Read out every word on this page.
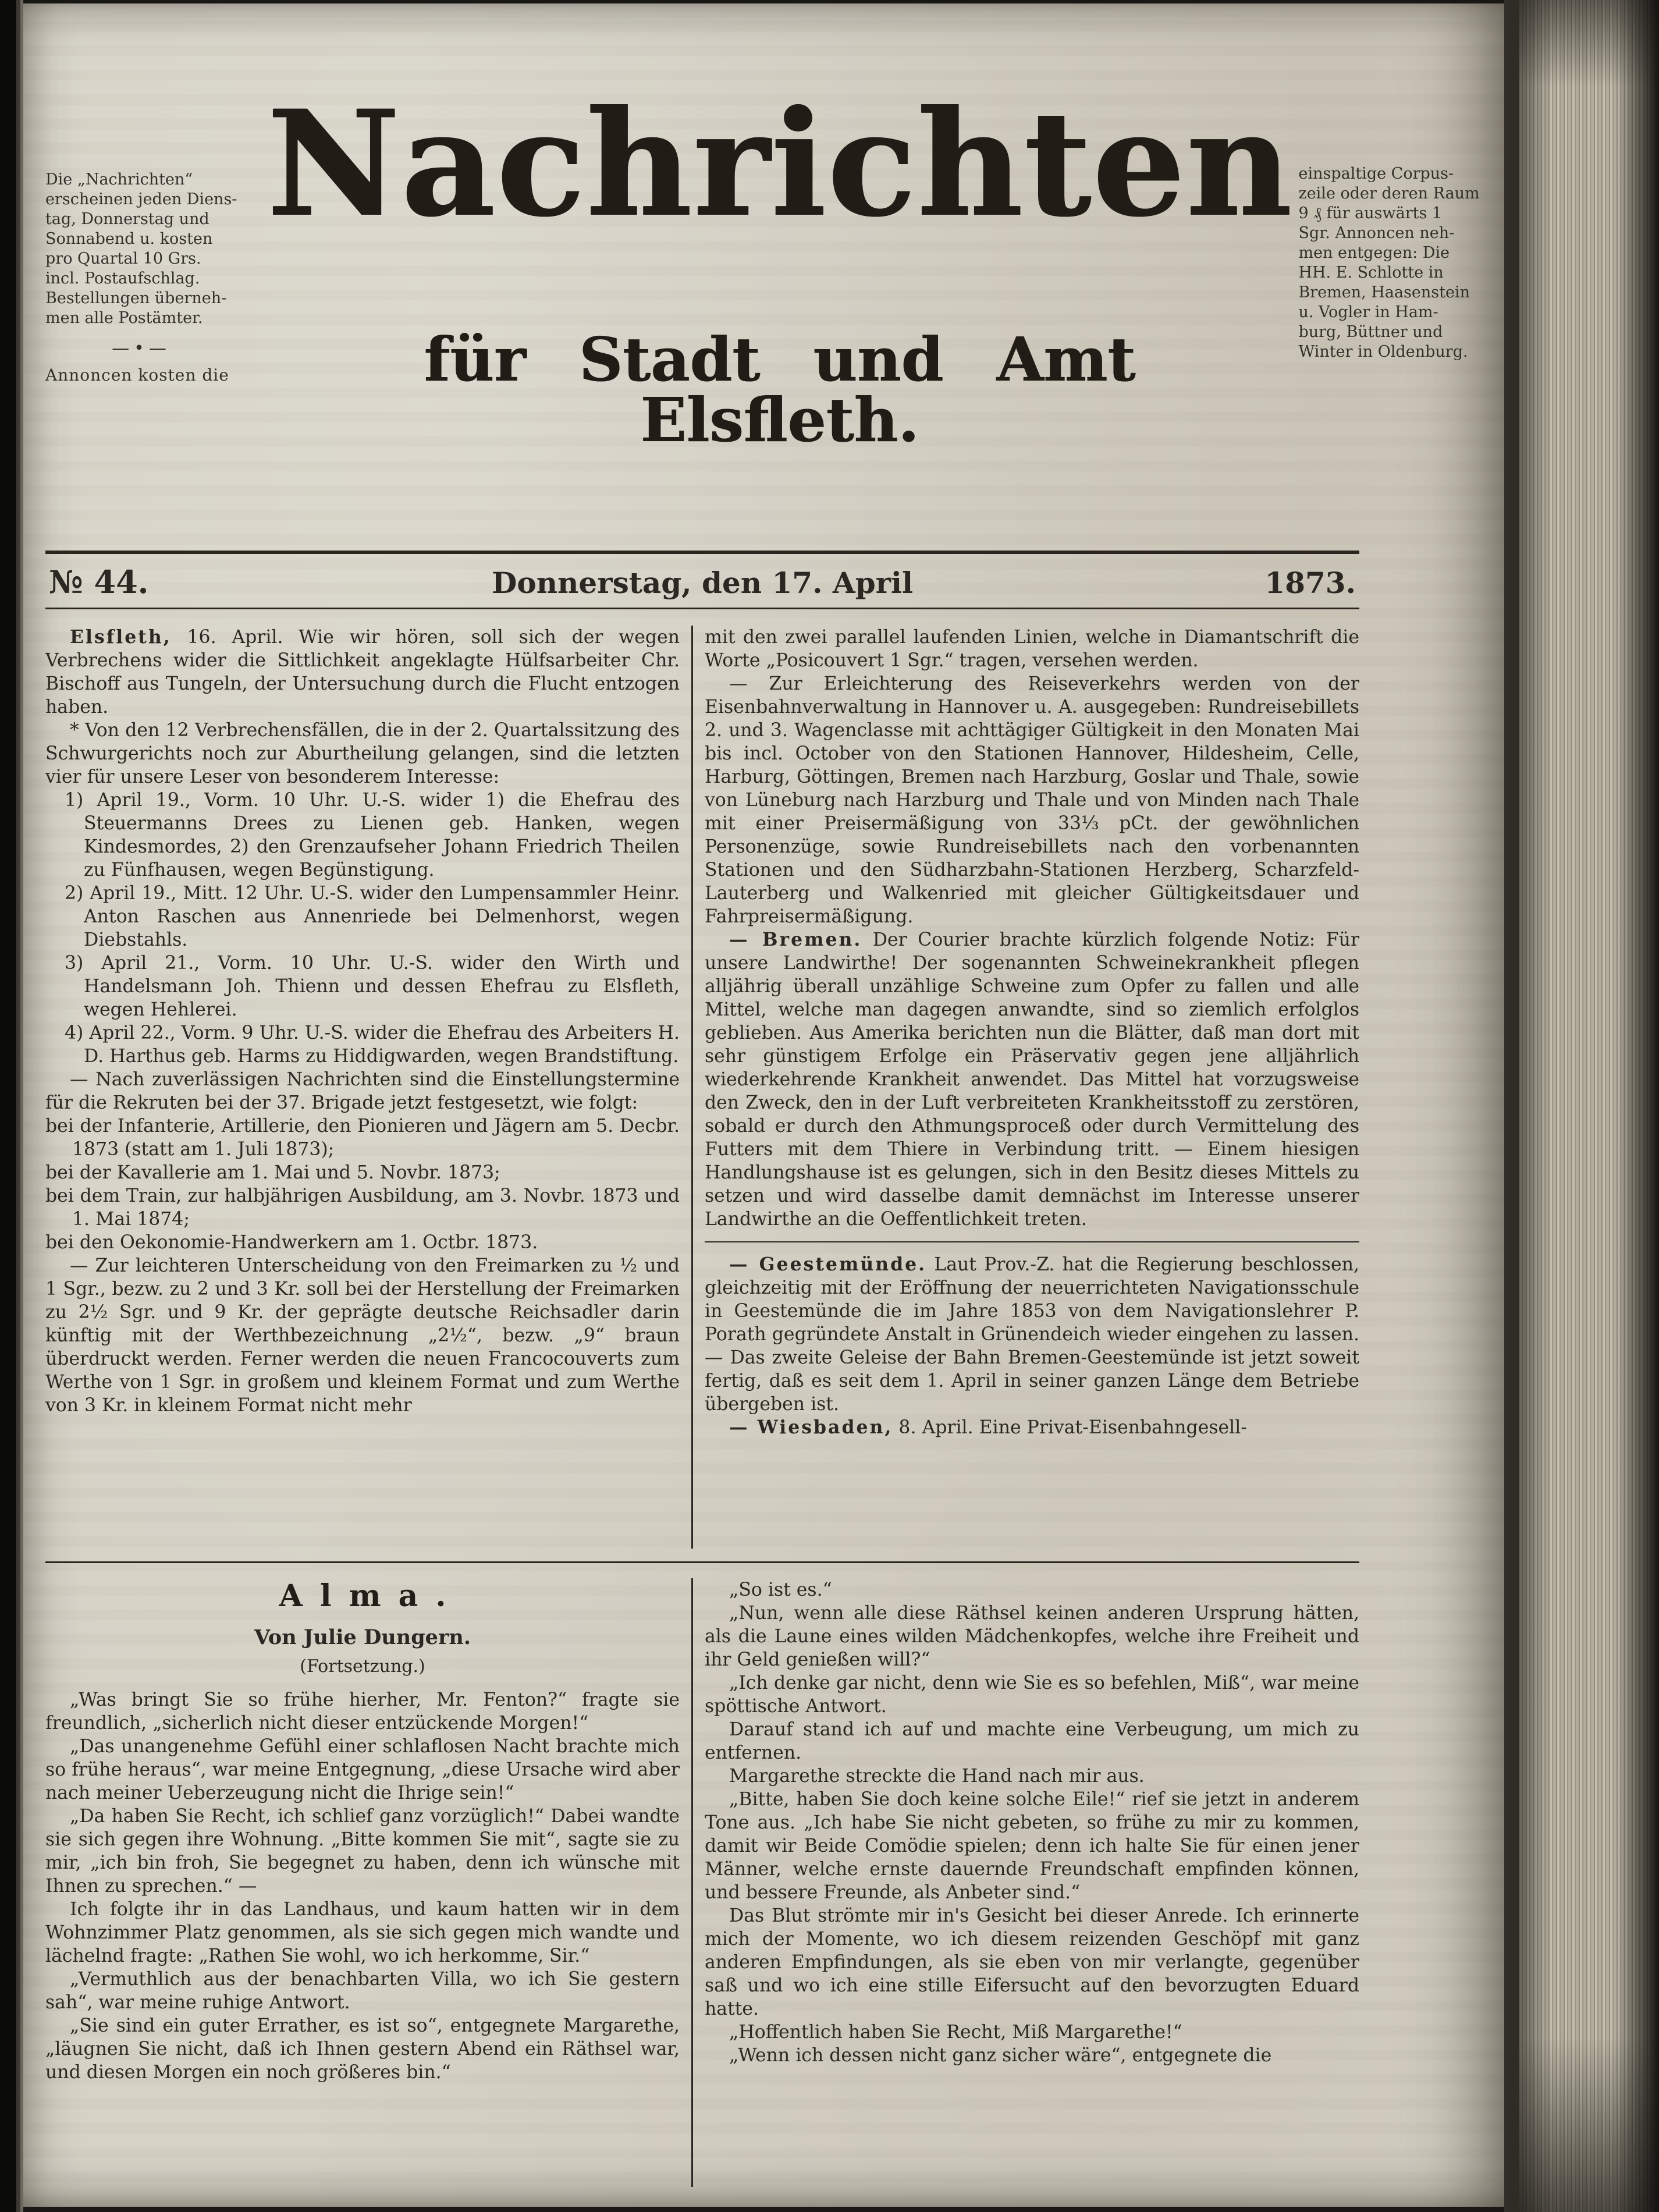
Die „Nachrichten“
erscheinen jeden Diens-
tag, Donnerstag und
Sonnabend u. kosten
pro Quartal 10 Grs.
incl. Postaufschlag.
Bestellungen überneh-
men alle Postämter.
—•—
Annoncen kosten die
Nachrichten
für Stadt und Amt Elsfleth.
einspaltige Corpus-
zeile oder deren Raum
9 ₰ für auswärts 1
Sgr. Annoncen neh-
men entgegen: Die
HH. E. Schlotte in
Bremen, Haasenstein
u. Vogler in Ham-
burg, Büttner und
Winter in Oldenburg.
№ 44.	Donnerstag, den 17. April	1873.

Elsfleth, 16. April. Wie wir hören, soll sich der wegen Verbrechens wider die Sittlichkeit angeklagte Hülfsarbeiter Chr. Bischoff aus Tungeln, der Untersuchung durch die Flucht entzogen haben.

* Von den 12 Verbrechensfällen, die in der 2. Quartalssitzung des Schwurgerichts noch zur Aburtheilung gelangen, sind die letzten vier für unsere Leser von besonderem Interesse:

1) April 19., Vorm. 10 Uhr. U.-S. wider 1) die Ehefrau des Steuermanns Drees zu Lienen geb. Hanken, wegen Kindesmordes, 2) den Grenzaufseher Johann Friedrich Theilen zu Fünfhausen, wegen Begünstigung.

2) April 19., Mitt. 12 Uhr. U.-S. wider den Lumpensammler Heinr. Anton Raschen aus Annenriede bei Delmenhorst, wegen Diebstahls.

3) April 21., Vorm. 10 Uhr. U.-S. wider den Wirth und Handelsmann Joh. Thienn und dessen Ehefrau zu Elsfleth, wegen Hehlerei.

4) April 22., Vorm. 9 Uhr. U.-S. wider die Ehefrau des Arbeiters H. D. Harthus geb. Harms zu Hiddigwarden, wegen Brandstiftung.

— Nach zuverlässigen Nachrichten sind die Einstellungstermine für die Rekruten bei der 37. Brigade jetzt festgesetzt, wie folgt:

bei der Infanterie, Artillerie, den Pionieren und Jägern am 5. Decbr. 1873 (statt am 1. Juli 1873);

bei der Kavallerie am 1. Mai und 5. Novbr. 1873;

bei dem Train, zur halbjährigen Ausbildung, am 3. Novbr. 1873 und 1. Mai 1874;

bei den Oekonomie-Handwerkern am 1. Octbr. 1873.

— Zur leichteren Unterscheidung von den Freimarken zu ½ und 1 Sgr., bezw. zu 2 und 3 Kr. soll bei der Herstellung der Freimarken zu 2½ Sgr. und 9 Kr. der geprägte deutsche Reichsadler darin künftig mit der Werthbezeichnung „2½“, bezw. „9“ braun überdruckt werden. Ferner werden die neuen Francocouverts zum Werthe von 1 Sgr. in großem und kleinem Format und zum Werthe von 3 Kr. in kleinem Format nicht mehr

mit den zwei parallel laufenden Linien, welche in Diamantschrift die Worte „Posicouvert 1 Sgr.“ tragen, versehen werden.

— Zur Erleichterung des Reiseverkehrs werden von der Eisenbahnverwaltung in Hannover u. A. ausgegeben: Rundreisebillets 2. und 3. Wagenclasse mit achttägiger Gültigkeit in den Monaten Mai bis incl. October von den Stationen Hannover, Hildesheim, Celle, Harburg, Göttingen, Bremen nach Harzburg, Goslar und Thale, sowie von Lüneburg nach Harzburg und Thale und von Minden nach Thale mit einer Preisermäßigung von 33⅓ pCt. der gewöhnlichen Personenzüge, sowie Rundreisebillets nach den vorbenannten Stationen und den Südharzbahn-Stationen Herzberg, Scharzfeld-Lauterberg und Walkenried mit gleicher Gültigkeitsdauer und Fahrpreisermäßigung.

— Bremen. Der Courier brachte kürzlich folgende Notiz: Für unsere Landwirthe! Der sogenannten Schweinekrankheit pflegen alljährig überall unzählige Schweine zum Opfer zu fallen und alle Mittel, welche man dagegen anwandte, sind so ziemlich erfolglos geblieben. Aus Amerika berichten nun die Blätter, daß man dort mit sehr günstigem Erfolge ein Präservativ gegen jene alljährlich wiederkehrende Krankheit anwendet. Das Mittel hat vorzugsweise den Zweck, den in der Luft verbreiteten Krankheitsstoff zu zerstören, sobald er durch den Athmungsproceß oder durch Vermittelung des Futters mit dem Thiere in Verbindung tritt. — Einem hiesigen Handlungshause ist es gelungen, sich in den Besitz dieses Mittels zu setzen und wird dasselbe damit demnächst im Interesse unserer Landwirthe an die Oeffentlichkeit treten.

— Geestemünde. Laut Prov.-Z. hat die Regierung beschlossen, gleichzeitig mit der Eröffnung der neuerrichteten Navigationsschule in Geestemünde die im Jahre 1853 von dem Navigationslehrer P. Porath gegründete Anstalt in Grünendeich wieder eingehen zu lassen. — Das zweite Geleise der Bahn Bremen-Geestemünde ist jetzt soweit fertig, daß es seit dem 1. April in seiner ganzen Länge dem Betriebe übergeben ist.

— Wiesbaden, 8. April. Eine Privat-Eisenbahngesell-

Alma.
Von Julie Dungern.
(Fortsetzung.)

„Was bringt Sie so frühe hierher, Mr. Fenton?“ fragte sie freundlich, „sicherlich nicht dieser entzückende Morgen!“

„Das unangenehme Gefühl einer schlaflosen Nacht brachte mich so frühe heraus“, war meine Entgegnung, „diese Ursache wird aber nach meiner Ueberzeugung nicht die Ihrige sein!“

„Da haben Sie Recht, ich schlief ganz vorzüglich!“ Dabei wandte sie sich gegen ihre Wohnung. „Bitte kommen Sie mit“, sagte sie zu mir, „ich bin froh, Sie begegnet zu haben, denn ich wünsche mit Ihnen zu sprechen.“ —

Ich folgte ihr in das Landhaus, und kaum hatten wir in dem Wohnzimmer Platz genommen, als sie sich gegen mich wandte und lächelnd fragte: „Rathen Sie wohl, wo ich herkomme, Sir.“

„Vermuthlich aus der benachbarten Villa, wo ich Sie gestern sah“, war meine ruhige Antwort.

„Sie sind ein guter Errather, es ist so“, entgegnete Margarethe, „läugnen Sie nicht, daß ich Ihnen gestern Abend ein Räthsel war, und diesen Morgen ein noch größeres bin.“

„So ist es.“

„Nun, wenn alle diese Räthsel keinen anderen Ursprung hätten, als die Laune eines wilden Mädchenkopfes, welche ihre Freiheit und ihr Geld genießen will?“

„Ich denke gar nicht, denn wie Sie es so befehlen, Miß“, war meine spöttische Antwort.

Darauf stand ich auf und machte eine Verbeugung, um mich zu entfernen.

Margarethe streckte die Hand nach mir aus.

„Bitte, haben Sie doch keine solche Eile!“ rief sie jetzt in anderem Tone aus. „Ich habe Sie nicht gebeten, so frühe zu mir zu kommen, damit wir Beide Comödie spielen; denn ich halte Sie für einen jener Männer, welche ernste dauernde Freundschaft empfinden können, und bessere Freunde, als Anbeter sind.“

Das Blut strömte mir in's Gesicht bei dieser Anrede. Ich erinnerte mich der Momente, wo ich diesem reizenden Geschöpf mit ganz anderen Empfindungen, als sie eben von mir verlangte, gegenüber saß und wo ich eine stille Eifersucht auf den bevorzugten Eduard hatte.

„Hoffentlich haben Sie Recht, Miß Margarethe!“

„Wenn ich dessen nicht ganz sicher wäre“, entgegnete die
